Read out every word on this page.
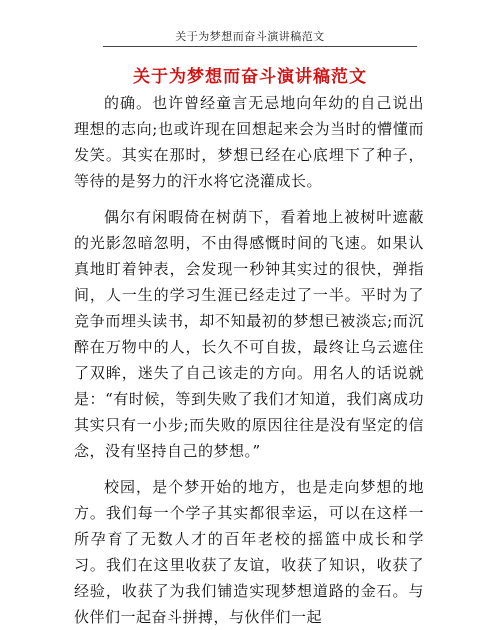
关于为梦想而奋斗演讲稿范文
关于为梦想而奋斗演讲稿范文

的确。也许曾经童言无忌地向年幼的自己说出理想的志向;也或许现在回想起来会为当时的懵懂而发笑。其实在那时，梦想已经在心底埋下了种子，等待的是努力的汗水将它浇灌成长。

偶尔有闲暇倚在树荫下，看着地上被树叶遮蔽的光影忽暗忽明，不由得感慨时间的飞速。如果认真地盯着钟表，会发现一秒钟其实过的很快，弹指间，人一生的学习生涯已经走过了一半。平时为了竞争而埋头读书，却不知最初的梦想已被淡忘;而沉醉在万物中的人，长久不可自拔，最终让乌云遮住了双眸，迷失了自己该走的方向。用名人的话说就是：“有时候，等到失败了我们才知道，我们离成功其实只有一小步;而失败的原因往往是没有坚定的信念，没有坚持自己的梦想。”

校园，是个梦开始的地方，也是走向梦想的地方。我们每一个学子其实都很幸运，可以在这样一所孕育了无数人才的百年老校的摇篮中成长和学习。我们在这里收获了友谊，收获了知识，收获了经验，收获了为我们铺造实现梦想道路的金石。与伙伴们一起奋斗拼搏，与伙伴们一起
